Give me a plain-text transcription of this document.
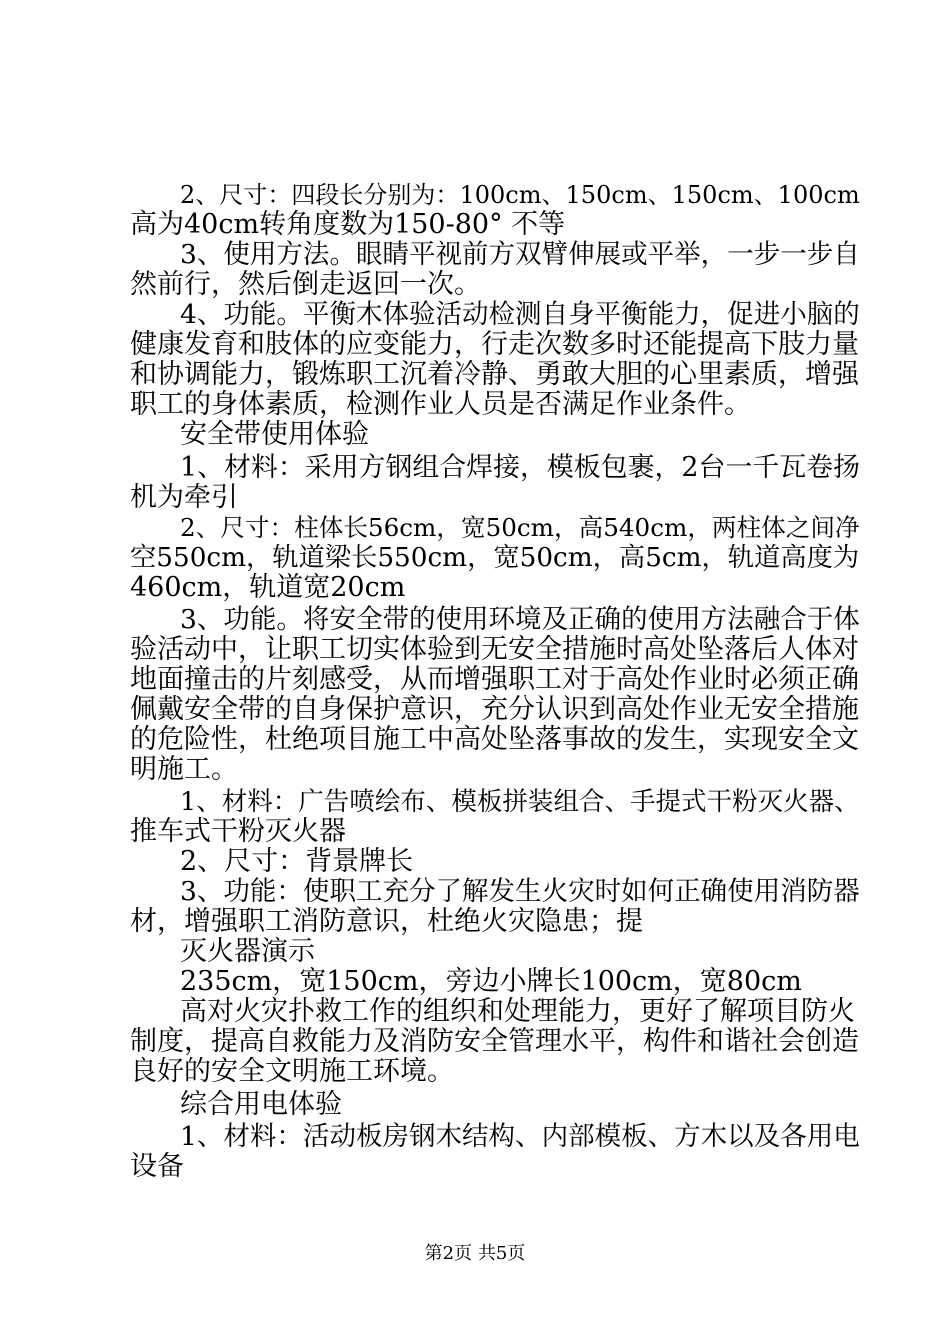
2、尺寸：四段长分别为：100cm、150cm、150cm、100cm
高为40cm转角度数为150-80° 不等
3、使用方法。眼睛平视前方双臂伸展或平举，一步一步自
然前行，然后倒走返回一次。
4、功能。平衡木体验活动检测自身平衡能力，促进小脑的
健康发育和肢体的应变能力，行走次数多时还能提高下肢力量
和协调能力，锻炼职工沉着冷静、勇敢大胆的心里素质，增强
职工的身体素质，检测作业人员是否满足作业条件。
安全带使用体验
1、材料：采用方钢组合焊接，模板包裹，2台一千瓦卷扬
机为牵引
2、尺寸：柱体长56cm，宽50cm，高540cm，两柱体之间净
空550cm，轨道梁长550cm，宽50cm，高5cm，轨道高度为
460cm，轨道宽20cm
3、功能。将安全带的使用环境及正确的使用方法融合于体
验活动中，让职工切实体验到无安全措施时高处坠落后人体对
地面撞击的片刻感受，从而增强职工对于高处作业时必须正确
佩戴安全带的自身保护意识，充分认识到高处作业无安全措施
的危险性，杜绝项目施工中高处坠落事故的发生，实现安全文
明施工。
1、材料：广告喷绘布、模板拼装组合、手提式干粉灭火器、
推车式干粉灭火器
2、尺寸：背景牌长
3、功能：使职工充分了解发生火灾时如何正确使用消防器
材，增强职工消防意识，杜绝火灾隐患；提
灭火器演示
235cm，宽150cm，旁边小牌长100cm，宽80cm
高对火灾扑救工作的组织和处理能力，更好了解项目防火
制度，提高自救能力及消防安全管理水平，构件和谐社会创造
良好的安全文明施工环境。
综合用电体验
1、材料：活动板房钢木结构、内部模板、方木以及各用电
设备
第2页 共5页
